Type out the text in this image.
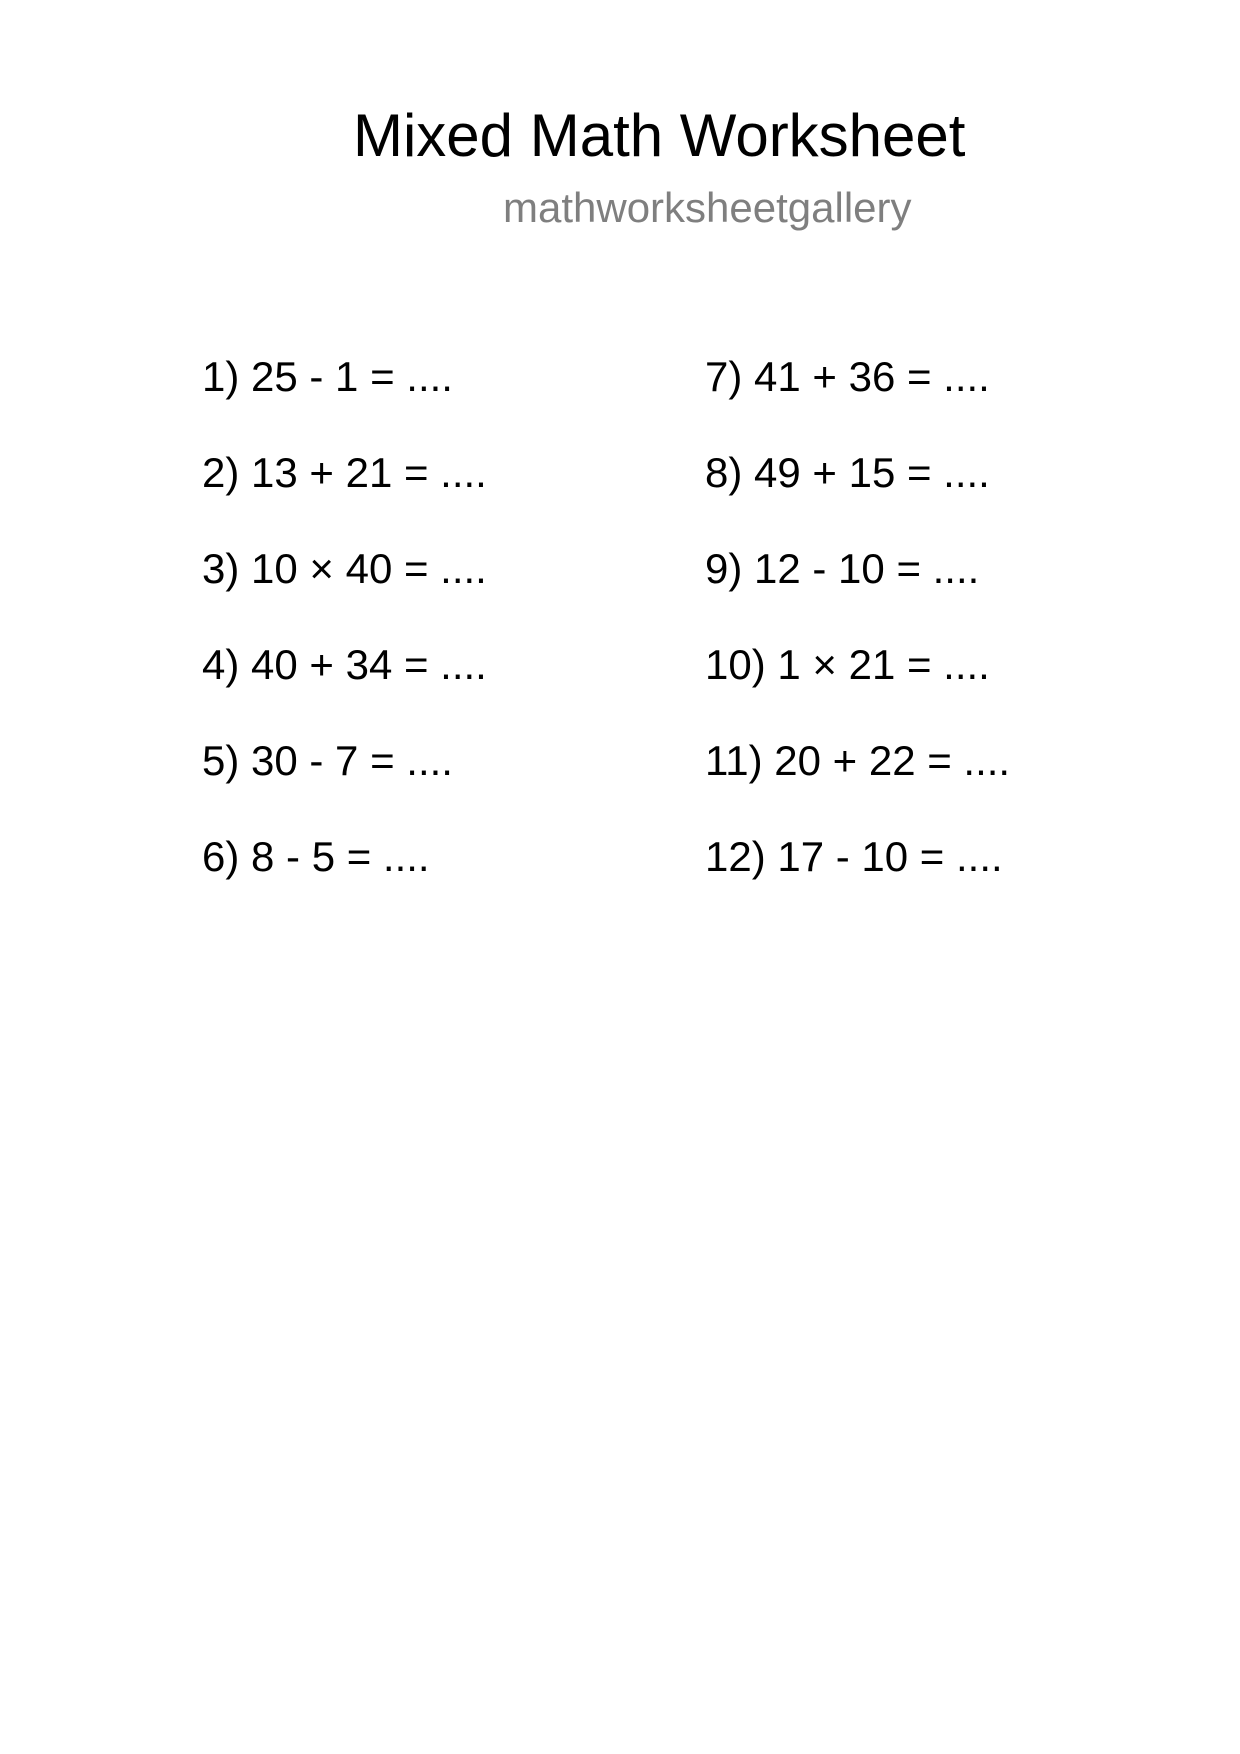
Mixed Math Worksheet
mathworksheetgallery
1) 25 - 1 = ....
2) 13 + 21 = ....
3) 10 × 40 = ....
4) 40 + 34 = ....
5) 30 - 7 = ....
6) 8 - 5 = ....
7) 41 + 36 = ....
8) 49 + 15 = ....
9) 12 - 10 = ....
10) 1 × 21 = ....
11) 20 + 22 = ....
12) 17 - 10 = ....
